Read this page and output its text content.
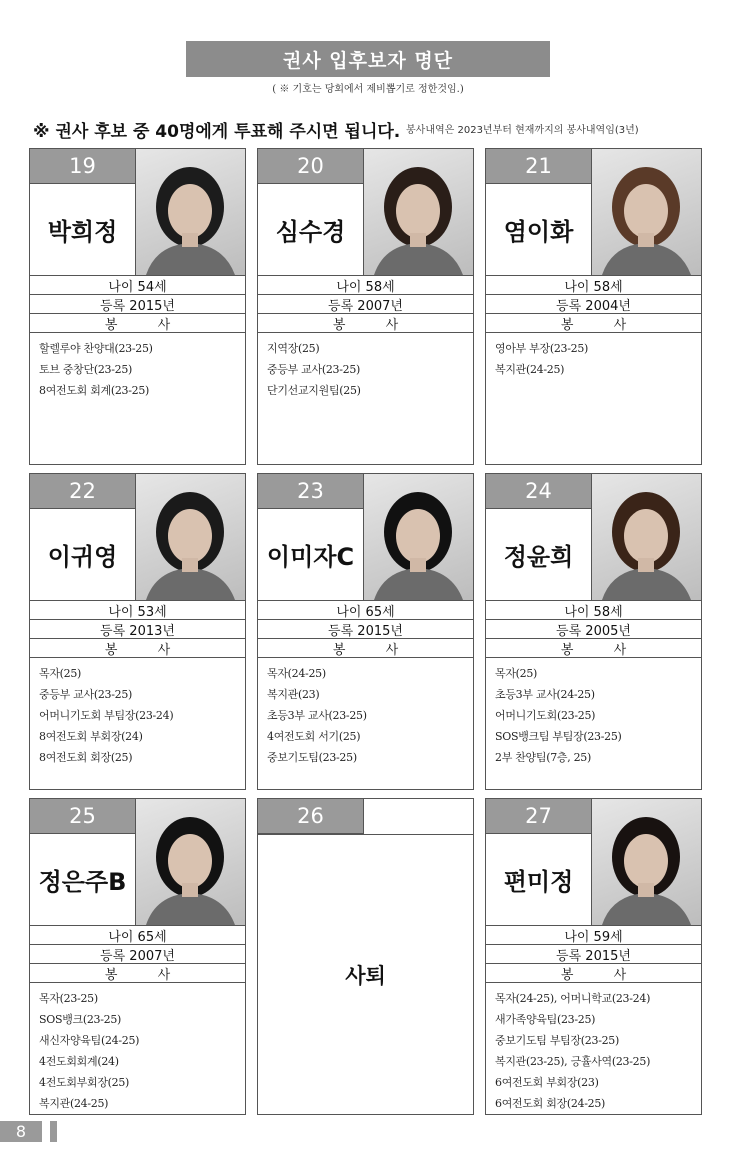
권사 입후보자 명단
( ※ 기호는 당회에서 제비뽑기로 정한것임.)
※ 권사 후보 중 40명에게 투표해 주시면 됩니다. 봉사내역은 2023년부터 현재까지의 봉사내역임(3년)
19
박희정
나이 54세
등록 2015년
봉 사
할렐루야 찬양대(23-25)
토브 중창단(23-25)
8여전도회 회계(23-25)
20
심수경
나이 58세
등록 2007년
봉 사
지역장(25)
중등부 교사(23-25)
단기선교지원팀(25)
21
염이화
나이 58세
등록 2004년
봉 사
영아부 부장(23-25)
복지관(24-25)
22
이귀영
나이 53세
등록 2013년
봉 사
목자(25)
중등부 교사(23-25)
어머니기도회 부팀장(23-24)
8여전도회 부회장(24)
8여전도회 회장(25)
23
이미자C
나이 65세
등록 2015년
봉 사
목자(24-25)
복지관(23)
초등3부 교사(23-25)
4여전도회 서기(25)
중보기도팀(23-25)
24
정윤희
나이 58세
등록 2005년
봉 사
목자(25)
초등3부 교사(24-25)
어머니기도회(23-25)
SOS뱅크팀 부팀장(23-25)
2부 찬양팀(7층, 25)
25
정은주B
나이 65세
등록 2007년
봉 사
목자(23-25)
SOS뱅크(23-25)
새신자양육팀(24-25)
4전도회회계(24)
4전도회부회장(25)
복지관(24-25)
26
사퇴
27
편미정
나이 59세
등록 2015년
봉 사
목자(24-25), 어머니학교(23-24)
새가족양육팀(23-25)
중보기도팀 부팀장(23-25)
복지관(23-25), 긍휼사역(23-25)
6여전도회 부회장(23)
6여전도회 회장(24-25)
8
